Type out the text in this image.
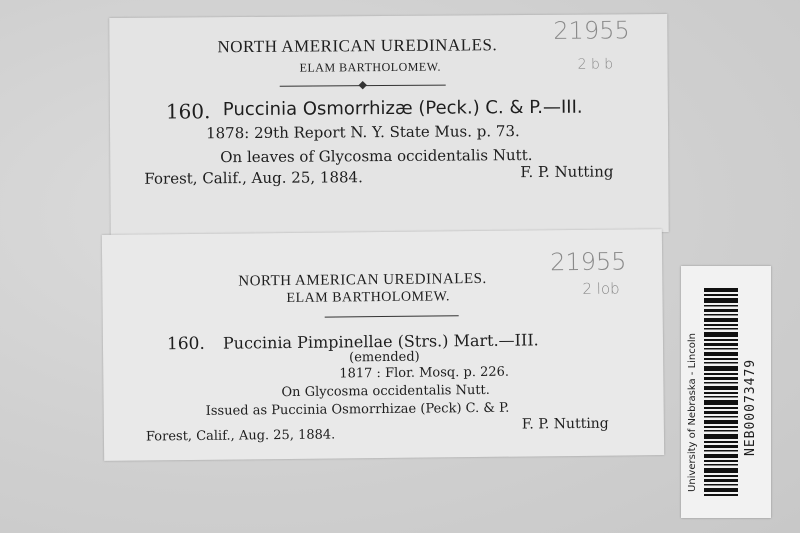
NORTH AMERICAN UREDINALES.
ELAM BARTHOLOMEW.
160. Puccinia Osmorrhizæ (Peck.) C. & P.—III.
1878: 29th Report N. Y. State Mus. p. 73.
On leaves of Glycosma occidentalis Nutt.
Forest, Calif., Aug. 25, 1884.	F. P. Nutting
21955
2 b b
NORTH AMERICAN UREDINALES.
ELAM BARTHOLOMEW.
160. Puccinia Pimpinellae (Strs.) Mart.—III.
(emended)
1817 : Flor. Mosq. p. 226.
On Glycosma occidentalis Nutt.
Issued as Puccinia Osmorrhizae (Peck) C. & P.
Forest, Calif., Aug. 25, 1884.
F. P. Nutting
21955
2 lob
University of Nebraska - Lincoln	NEB00073479
